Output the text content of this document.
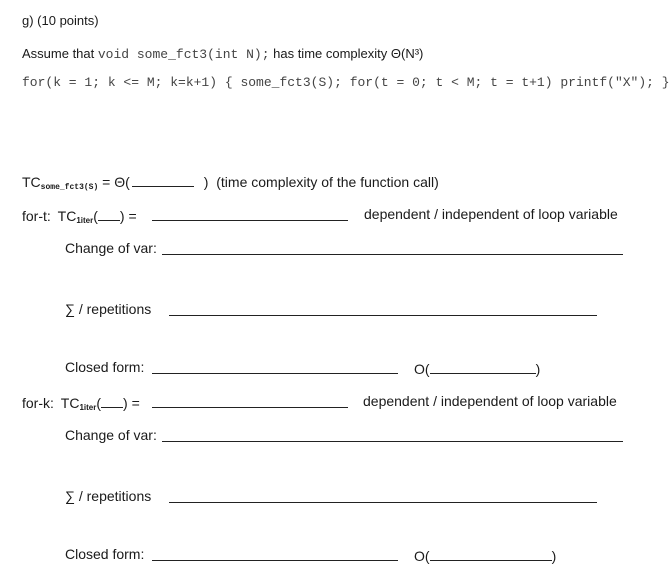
g) (10 points)
Assume that void some_fct3(int N); has time complexity Θ(N³)
for(k = 1; k <= M; k=k+1) { some_fct3(S); for(t = 0; t < M; t = t+1) printf("X"); }
TCsome_fct3(S) = Θ(	) (time complexity of the function call)
for-t: $TC_{1iter}$( ) =	dependent / independent of loop variable
Change of var:
∑ / repetitions
Closed form:	O(	)
for-k: $TC_{1iter}$( ) =	dependent / independent of loop variable
Change of var:
∑ / repetitions
Closed form:	O(	)
